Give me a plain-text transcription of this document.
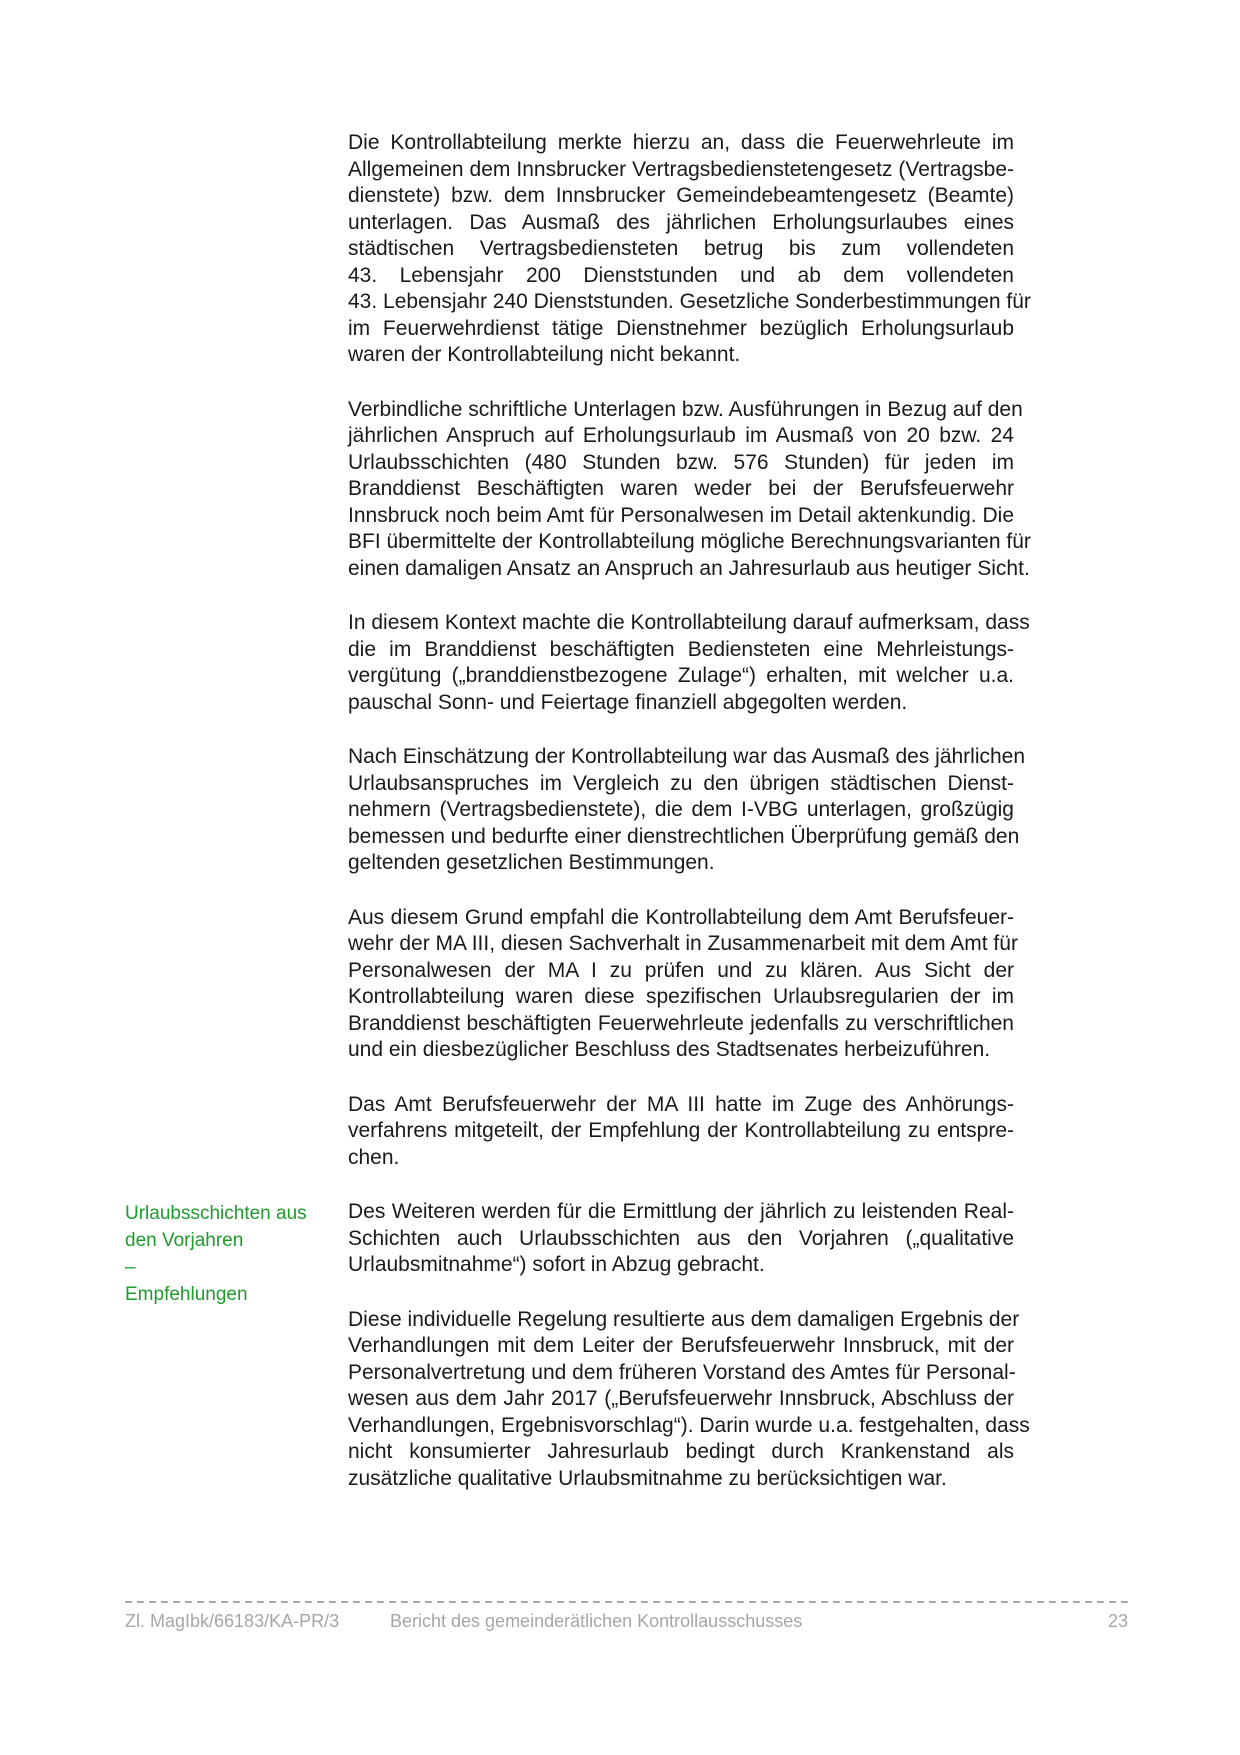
Die Kontrollabteilung merkte hierzu an, dass die Feuerwehrleute im
Allgemeinen dem Innsbrucker Vertragsbedienstetengesetz (Vertragsbe-
dienstete) bzw. dem Innsbrucker Gemeindebeamtengesetz (Beamte)
unterlagen. Das Ausmaß des jährlichen Erholungsurlaubes eines
städtischen Vertragsbediensteten betrug bis zum vollendeten
43. Lebensjahr 200 Dienststunden und ab dem vollendeten
43. Lebensjahr 240 Dienststunden. Gesetzliche Sonderbestimmungen für
im Feuerwehrdienst tätige Dienstnehmer bezüglich Erholungsurlaub
waren der Kontrollabteilung nicht bekannt.
Verbindliche schriftliche Unterlagen bzw. Ausführungen in Bezug auf den
jährlichen Anspruch auf Erholungsurlaub im Ausmaß von 20 bzw. 24
Urlaubsschichten (480 Stunden bzw. 576 Stunden) für jeden im
Branddienst Beschäftigten waren weder bei der Berufsfeuerwehr
Innsbruck noch beim Amt für Personalwesen im Detail aktenkundig. Die
BFI übermittelte der Kontrollabteilung mögliche Berechnungsvarianten für
einen damaligen Ansatz an Anspruch an Jahresurlaub aus heutiger Sicht.
In diesem Kontext machte die Kontrollabteilung darauf aufmerksam, dass
die im Branddienst beschäftigten Bediensteten eine Mehrleistungs-
vergütung („branddienstbezogene Zulage“) erhalten, mit welcher u.a.
pauschal Sonn- und Feiertage finanziell abgegolten werden.
Nach Einschätzung der Kontrollabteilung war das Ausmaß des jährlichen
Urlaubsanspruches im Vergleich zu den übrigen städtischen Dienst-
nehmern (Vertragsbedienstete), die dem I-VBG unterlagen, großzügig
bemessen und bedurfte einer dienstrechtlichen Überprüfung gemäß den
geltenden gesetzlichen Bestimmungen.
Aus diesem Grund empfahl die Kontrollabteilung dem Amt Berufsfeuer-
wehr der MA III, diesen Sachverhalt in Zusammenarbeit mit dem Amt für
Personalwesen der MA I zu prüfen und zu klären. Aus Sicht der
Kontrollabteilung waren diese spezifischen Urlaubsregularien der im
Branddienst beschäftigten Feuerwehrleute jedenfalls zu verschriftlichen
und ein diesbezüglicher Beschluss des Stadtsenates herbeizuführen.
Das Amt Berufsfeuerwehr der MA III hatte im Zuge des Anhörungs-
verfahrens mitgeteilt, der Empfehlung der Kontrollabteilung zu entspre-
chen.
Des Weiteren werden für die Ermittlung der jährlich zu leistenden Real-
Schichten auch Urlaubsschichten aus den Vorjahren („qualitative
Urlaubsmitnahme“) sofort in Abzug gebracht.
Urlaubsschichten aus
den Vorjahren
–
Empfehlungen
Diese individuelle Regelung resultierte aus dem damaligen Ergebnis der
Verhandlungen mit dem Leiter der Berufsfeuerwehr Innsbruck, mit der
Personalvertretung und dem früheren Vorstand des Amtes für Personal-
wesen aus dem Jahr 2017 („Berufsfeuerwehr Innsbruck, Abschluss der
Verhandlungen, Ergebnisvorschlag“). Darin wurde u.a. festgehalten, dass
nicht konsumierter Jahresurlaub bedingt durch Krankenstand als
zusätzliche qualitative Urlaubsmitnahme zu berücksichtigen war.
Zl. MagIbk/66183/KA-PR/3	Bericht des gemeinderätlichen Kontrollausschusses	23
